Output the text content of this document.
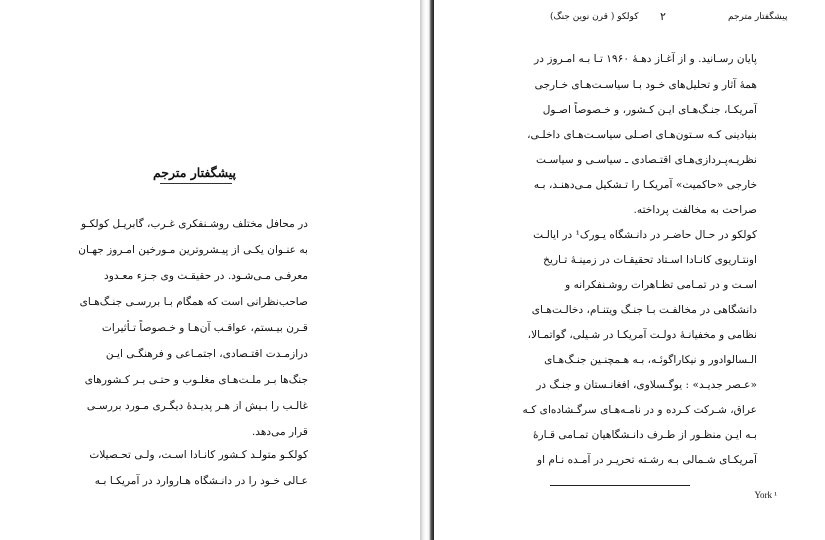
پیشگفتار مترجم
در محافل مختلف روشـنفکری غـرب، گابریـل کولکـو
به عنـوان یکـی از پیـشروترین مـورخین امـروز جهـان
معرفـی مـی‌شـود. در حقیقـت وی جـزء معـدود
صاحب‌نظرانی است که همگام بـا بررسـی جنـگ‌هـای
قـرن بیـستم، عواقـب آن‌هـا و خـصوصاً تـأثیرات
درازمـدت اقتـصادی، اجتمـاعی و فرهنگـی ایـن
جنگ‌ها بـر ملـت‌هـای مغلـوب و حتـی بـر کـشورهای
غالـب را بـیش از هـر پدیـدهٔ دیگـری مـورد بررسـی
قرار می‌دهد.
کولکـو متولـد کـشور کانـادا اسـت، ولـی تحـصیلات
عـالی خـود را در دانـشگاه هـاروارد در آمریکـا بـه
پیشگفتار مترجم
۲
کولکو ( قرن نوین جنگ)
پایان رسـانید. و از آغـاز دهـهٔ ۱۹۶۰ تـا بـه امـروز در
همهٔ آثار و تحلیل‌های خـود بـا سیاسـت‌هـای خـارجی
آمریکـا، جنـگ‌هـای ایـن کـشور، و خـصوصاً اصـول
بنیادینی کـه سـتون‌هـای اصـلی سیاسـت‌هـای داخلـی،
نظریـه‌پـردازی‌هـای اقتـصادی ـ سیاسـی و سیاسـت
خارجی «حاکمیت» آمریکـا را تـشکیل مـی‌دهنـد، بـه
صراحت به مخالفت پرداخته.
کولکو در حـال حاضـر در دانـشگاه یـورک¹ در ایالـت
اونتـاریوی کانـادا اسـتاد تحقیقـات در زمینـهٔ تـاریخ
اسـت و در تمـامی تظـاهرات روشـنفکرانه و
دانشگاهی در مخالفـت بـا جنـگ ویتنـام، دخالـت‌هـای
نظامی و مخفیانـهٔ دولـت آمریکـا در شـیلی، گواتمـالا،
الـسالوادور و نیکاراگوئـه، بـه هـمچنـین جنـگ‌هـای
«عـصر جدیـد» : یوگـسلاوی، افغانـستان و جنـگ در
عراق، شـرکت کـرده و در نامـه‌هـای سرگـشاده‌ای کـه
بـه ایـن منظـور از طـرف دانـشگاهیان تمـامی قـارهٔ
آمریکـای شـمالی بـه رشـته تحریـر در آمـده نـام او
York ¹
